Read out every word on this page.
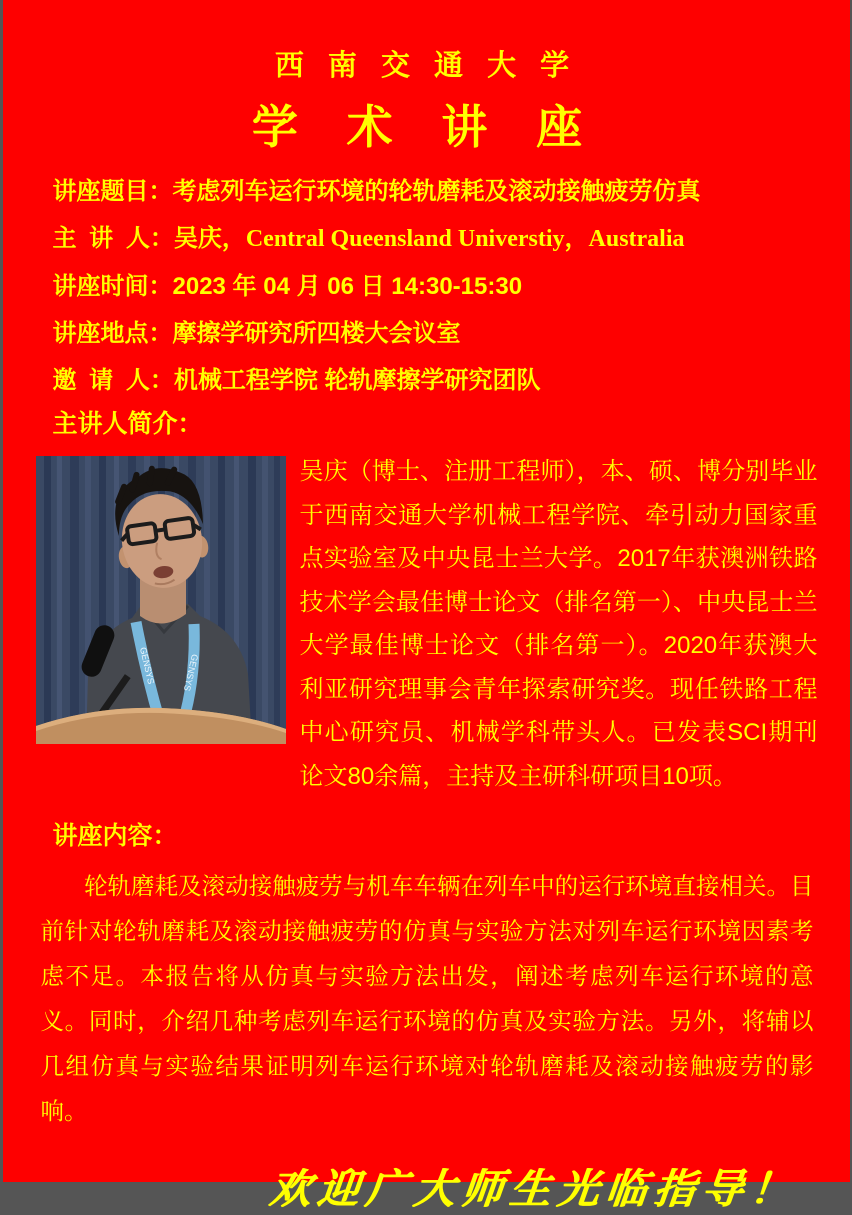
西 南 交 通 大 学
学 术 讲 座
讲座题目：考虑列车运行环境的轮轨磨耗及滚动接触疲劳仿真
主 讲 人：吴庆，Central Queensland Universtiy，Australia
讲座时间：2023 年 04 月 06 日 14:30-15:30
讲座地点：摩擦学研究所四楼大会议室
邀 请 人：机械工程学院 轮轨摩擦学研究团队
主讲人简介：
GENSYS	GENSYS
吴庆（博士、注册工程师），本、硕、博分别毕业于西南交通大学机械工程学院、牵引动力国家重点实验室及中央昆士兰大学。2017年获澳洲铁路技术学会最佳博士论文（排名第一）、中央昆士兰大学最佳博士论文（排名第一）。2020年获澳大利亚研究理事会青年探索研究奖。现任铁路工程中心研究员、机械学科带头人。已发表SCI期刊论文80余篇，主持及主研科研项目10项。
讲座内容：
轮轨磨耗及滚动接触疲劳与机车车辆在列车中的运行环境直接相关。目前针对轮轨磨耗及滚动接触疲劳的仿真与实验方法对列车运行环境因素考虑不足。本报告将从仿真与实验方法出发，阐述考虑列车运行环境的意义。同时，介绍几种考虑列车运行环境的仿真及实验方法。另外，将辅以几组仿真与实验结果证明列车运行环境对轮轨磨耗及滚动接触疲劳的影响。
欢迎广大师生光临指导！
